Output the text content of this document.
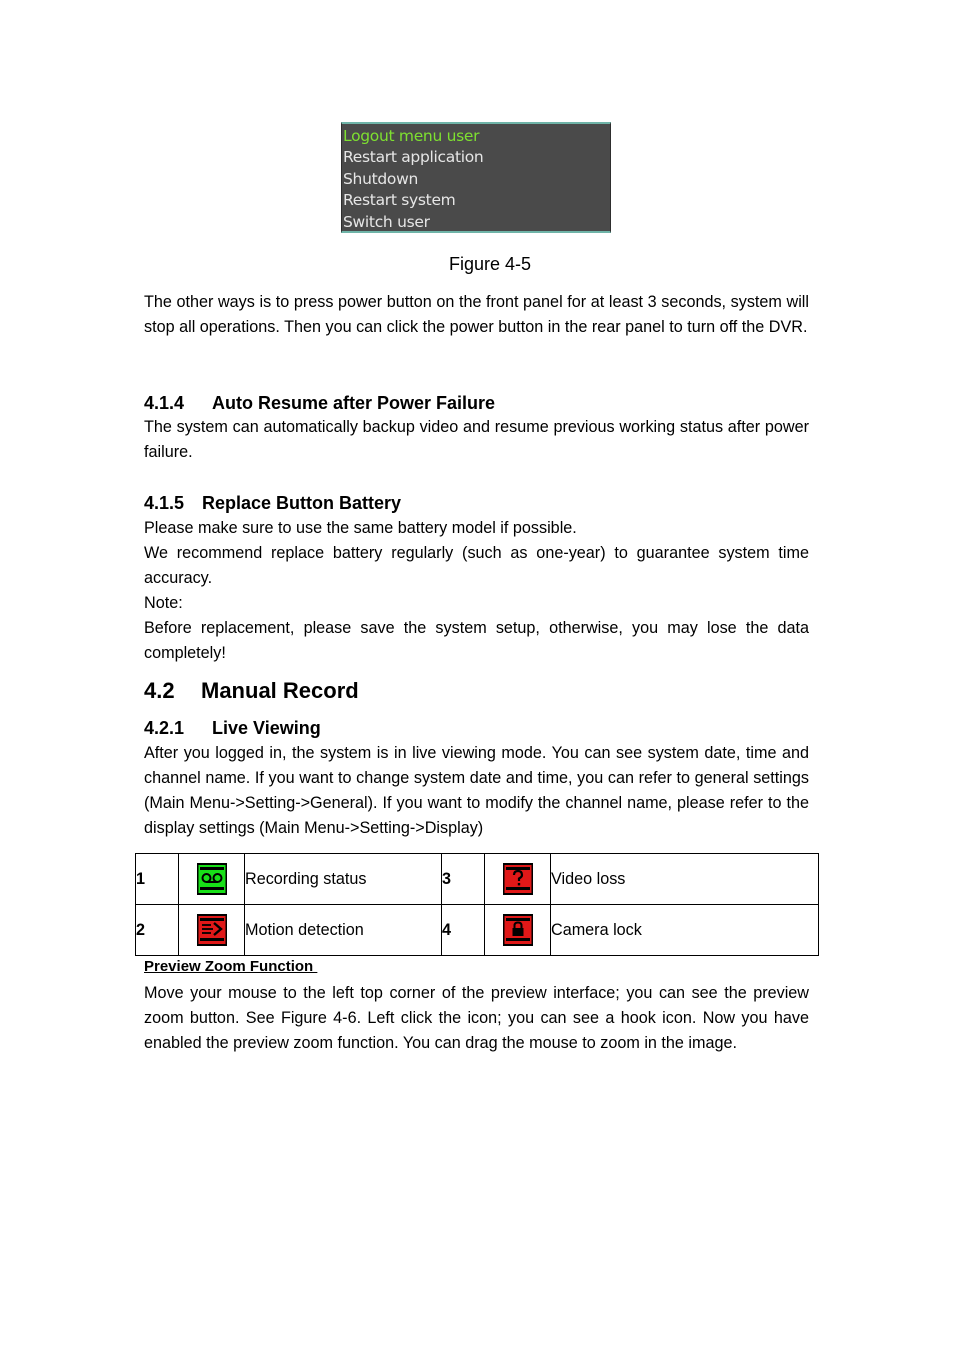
Logout menu user
Restart application
Shutdown
Restart system
Switch user
Figure 4-5

The other ways is to press power button on the front panel for at least 3 seconds, system will stop all operations. Then you can click the power button in the rear panel to turn off the DVR.

4.1.4 Auto Resume after Power Failure

The system can automatically backup video and resume previous working status after power failure.

4.1.5 Replace Button Battery

Please make sure to use the same battery model if possible.

We recommend replace battery regularly (such as one-year) to guarantee system time accuracy.

Note:

Before replacement, please save the system setup, otherwise, you may lose the data completely!

4.2 Manual Record
4.2.1 Live Viewing

After you logged in, the system is in live viewing mode. You can see system date, time and channel name. If you want to change system date and time, you can refer to general settings (Main Menu->Setting->General). If you want to modify the channel name, please refer to the display settings (Main Menu->Setting->Display)

1		Recording status	3		Video loss
2		Motion detection	4		Camera lock

Preview Zoom Function

Move your mouse to the left top corner of the preview interface; you can see the preview zoom button. See Figure 4-6. Left click the icon; you can see a hook icon. Now you have enabled the preview zoom function. You can drag the mouse to zoom in the image.
